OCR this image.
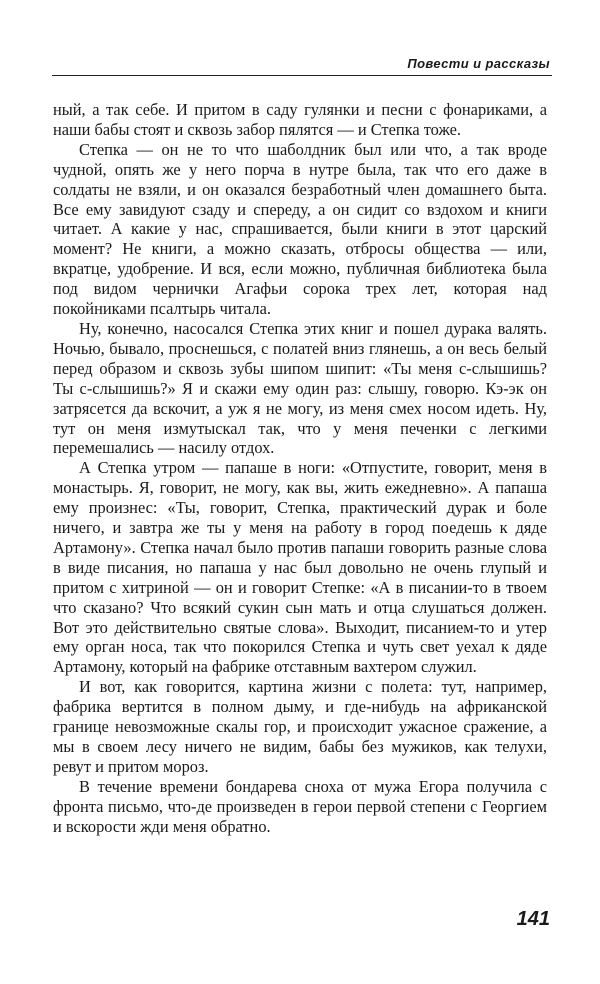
Повести и рассказы

ный, а так себе. И притом в саду гулянки и песни с фонариками, а наши бабы стоят и сквозь забор пялятся — и Степка тоже.

Степка — он не то что шаболдник был или что, а так вроде чудной, опять же у него порча в нутре была, так что его даже в солдаты не взяли, и он оказался безработный член домашнего быта. Все ему завидуют сзаду и спереду, а он сидит со вздохом и книги читает. А какие у нас, спрашивается, были книги в этот царский момент? Не книги, а можно сказать, отбросы общества — или, вкратце, удобрение. И вся, если можно, публичная библиотека была под видом чернички Агафьи сорока трех лет, которая над покойниками псалтырь читала.

Ну, конечно, насосался Степка этих книг и пошел дурака валять. Ночью, бывало, проснешься, с полатей вниз глянешь, а он весь белый перед образом и сквозь зубы шипом шипит: «Ты меня с-слышишь? Ты с-слышишь?» Я и скажи ему один раз: слышу, говорю. Кэ-эк он затрясется да вскочит, а уж я не могу, из меня смех носом идеть. Ну, тут он меня измутыскал так, что у меня печенки с легкими перемешались — насилу отдох.

А Степка утром — папаше в ноги: «Отпустите, говорит, меня в монастырь. Я, говорит, не могу, как вы, жить ежедневно». А папаша ему произнес: «Ты, говорит, Степка, практический дурак и боле ничего, и завтра же ты у меня на работу в город поедешь к дяде Артамону». Степка начал было против папаши говорить разные слова в виде писания, но папаша у нас был довольно не очень глупый и притом с хитриной — он и говорит Степке: «А в писании-то в твоем что сказано? Что всякий сукин сын мать и отца слушаться должен. Вот это действительно святые слова». Выходит, писанием-то и утер ему орган носа, так что покорился Степка и чуть свет уехал к дяде Артамону, который на фабрике отставным вахтером служил.

И вот, как говорится, картина жизни с полета: тут, например, фабрика вертится в полном дыму, и где-нибудь на африканской границе невозможные скалы гор, и происходит ужасное сражение, а мы в своем лесу ничего не видим, бабы без мужиков, как телухи, ревут и притом мороз.

В течение времени бондарева сноха от мужа Егора получила с фронта письмо, что-де произведен в герои первой степени с Георгием и вскорости жди меня обратно.

141
